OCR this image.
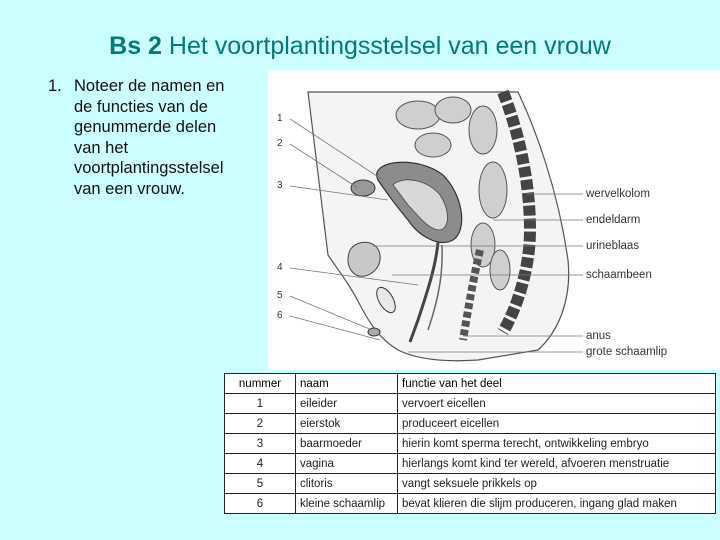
Bs 2 Het voortplantingsstelsel van een vrouw
1. Noteer de namen en
de functies van de
genummerde delen
van het
voortplantingsstelsel
van een vrouw.
1
2
3
4
5
6
wervelkolom
endeldarm
urineblaas
schaambeen
anus
grote schaamlip
nummer	naam	functie van het deel
1	eileider	vervoert eicellen
2	eierstok	produceert eicellen
3	baarmoeder	hierin komt sperma terecht, ontwikkeling embryo
4	vagina	hierlangs komt kind ter wereld, afvoeren menstruatie
5	clitoris	vangt seksuele prikkels op
6	kleine schaamlip	bevat klieren die slijm produceren, ingang glad maken
